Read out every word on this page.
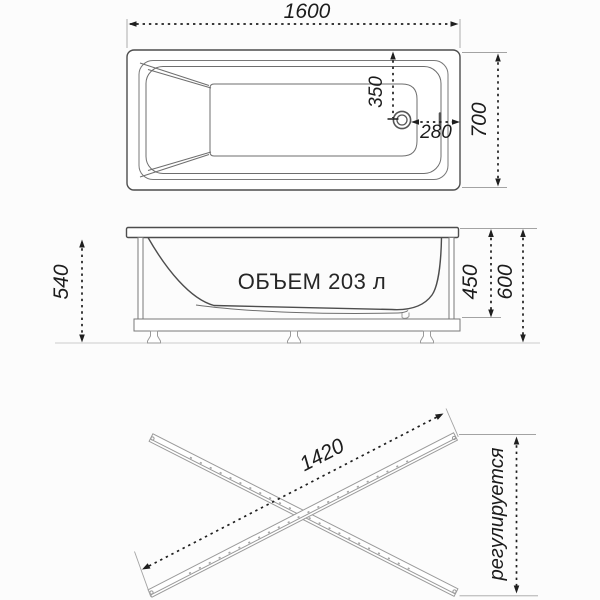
1600
700
350
280
ОБЪЕМ 203 л
540	450 600
1420	регулируется
